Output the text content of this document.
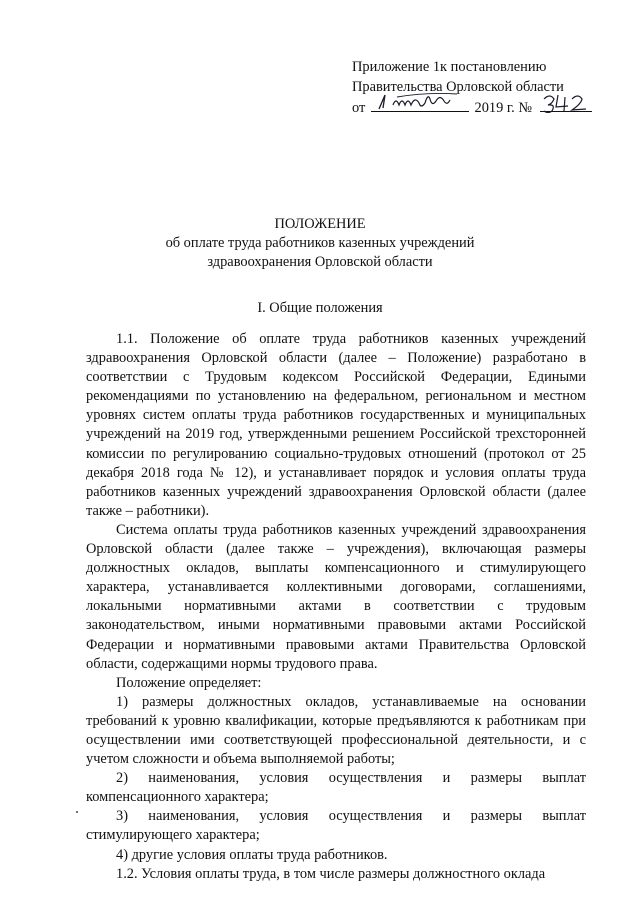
Приложение 1к постановлению
Правительства Орловской области
от	2019 г. №
ПОЛОЖЕНИЕ
об оплате труда работников казенных учреждений
здравоохранения Орловской области
I. Общие положения

1.1. Положение об оплате труда работников казенных учреждений здравоохранения Орловской области (далее – Положение) разработано в соответствии с Трудовым кодексом Российской Федерации, Едиными рекомендациями по установлению на федеральном, региональном и местном уровнях систем оплаты труда работников государственных и муниципальных учреждений на 2019 год, утвержденными решением Российской трехсторонней комиссии по регулированию социально-трудовых отношений (протокол от 25 декабря 2018 года № 12), и устанавливает порядок и условия оплаты труда работников казенных учреждений здравоохранения Орловской области (далее также – работники).

Система оплаты труда работников казенных учреждений здравоохранения Орловской области (далее также – учреждения), включающая размеры должностных окладов, выплаты компенсационного и стимулирующего характера, устанавливается коллективными договорами, соглашениями, локальными нормативными актами в соответствии с трудовым законодательством, иными нормативными правовыми актами Российской Федерации и нормативными правовыми актами Правительства Орловской области, содержащими нормы трудового права.

Положение определяет:

1) размеры должностных окладов, устанавливаемые на основании требований к уровню квалификации, которые предъявляются к работникам при осуществлении ими соответствующей профессиональной деятельности, и с учетом сложности и объема выполняемой работы;

2) наименования, условия осуществления и размеры выплат компенсационного характера;

3) наименования, условия осуществления и размеры выплат стимулирующего характера;

4) другие условия оплаты труда работников.

1.2. Условия оплаты труда, в том числе размеры должностного оклада
